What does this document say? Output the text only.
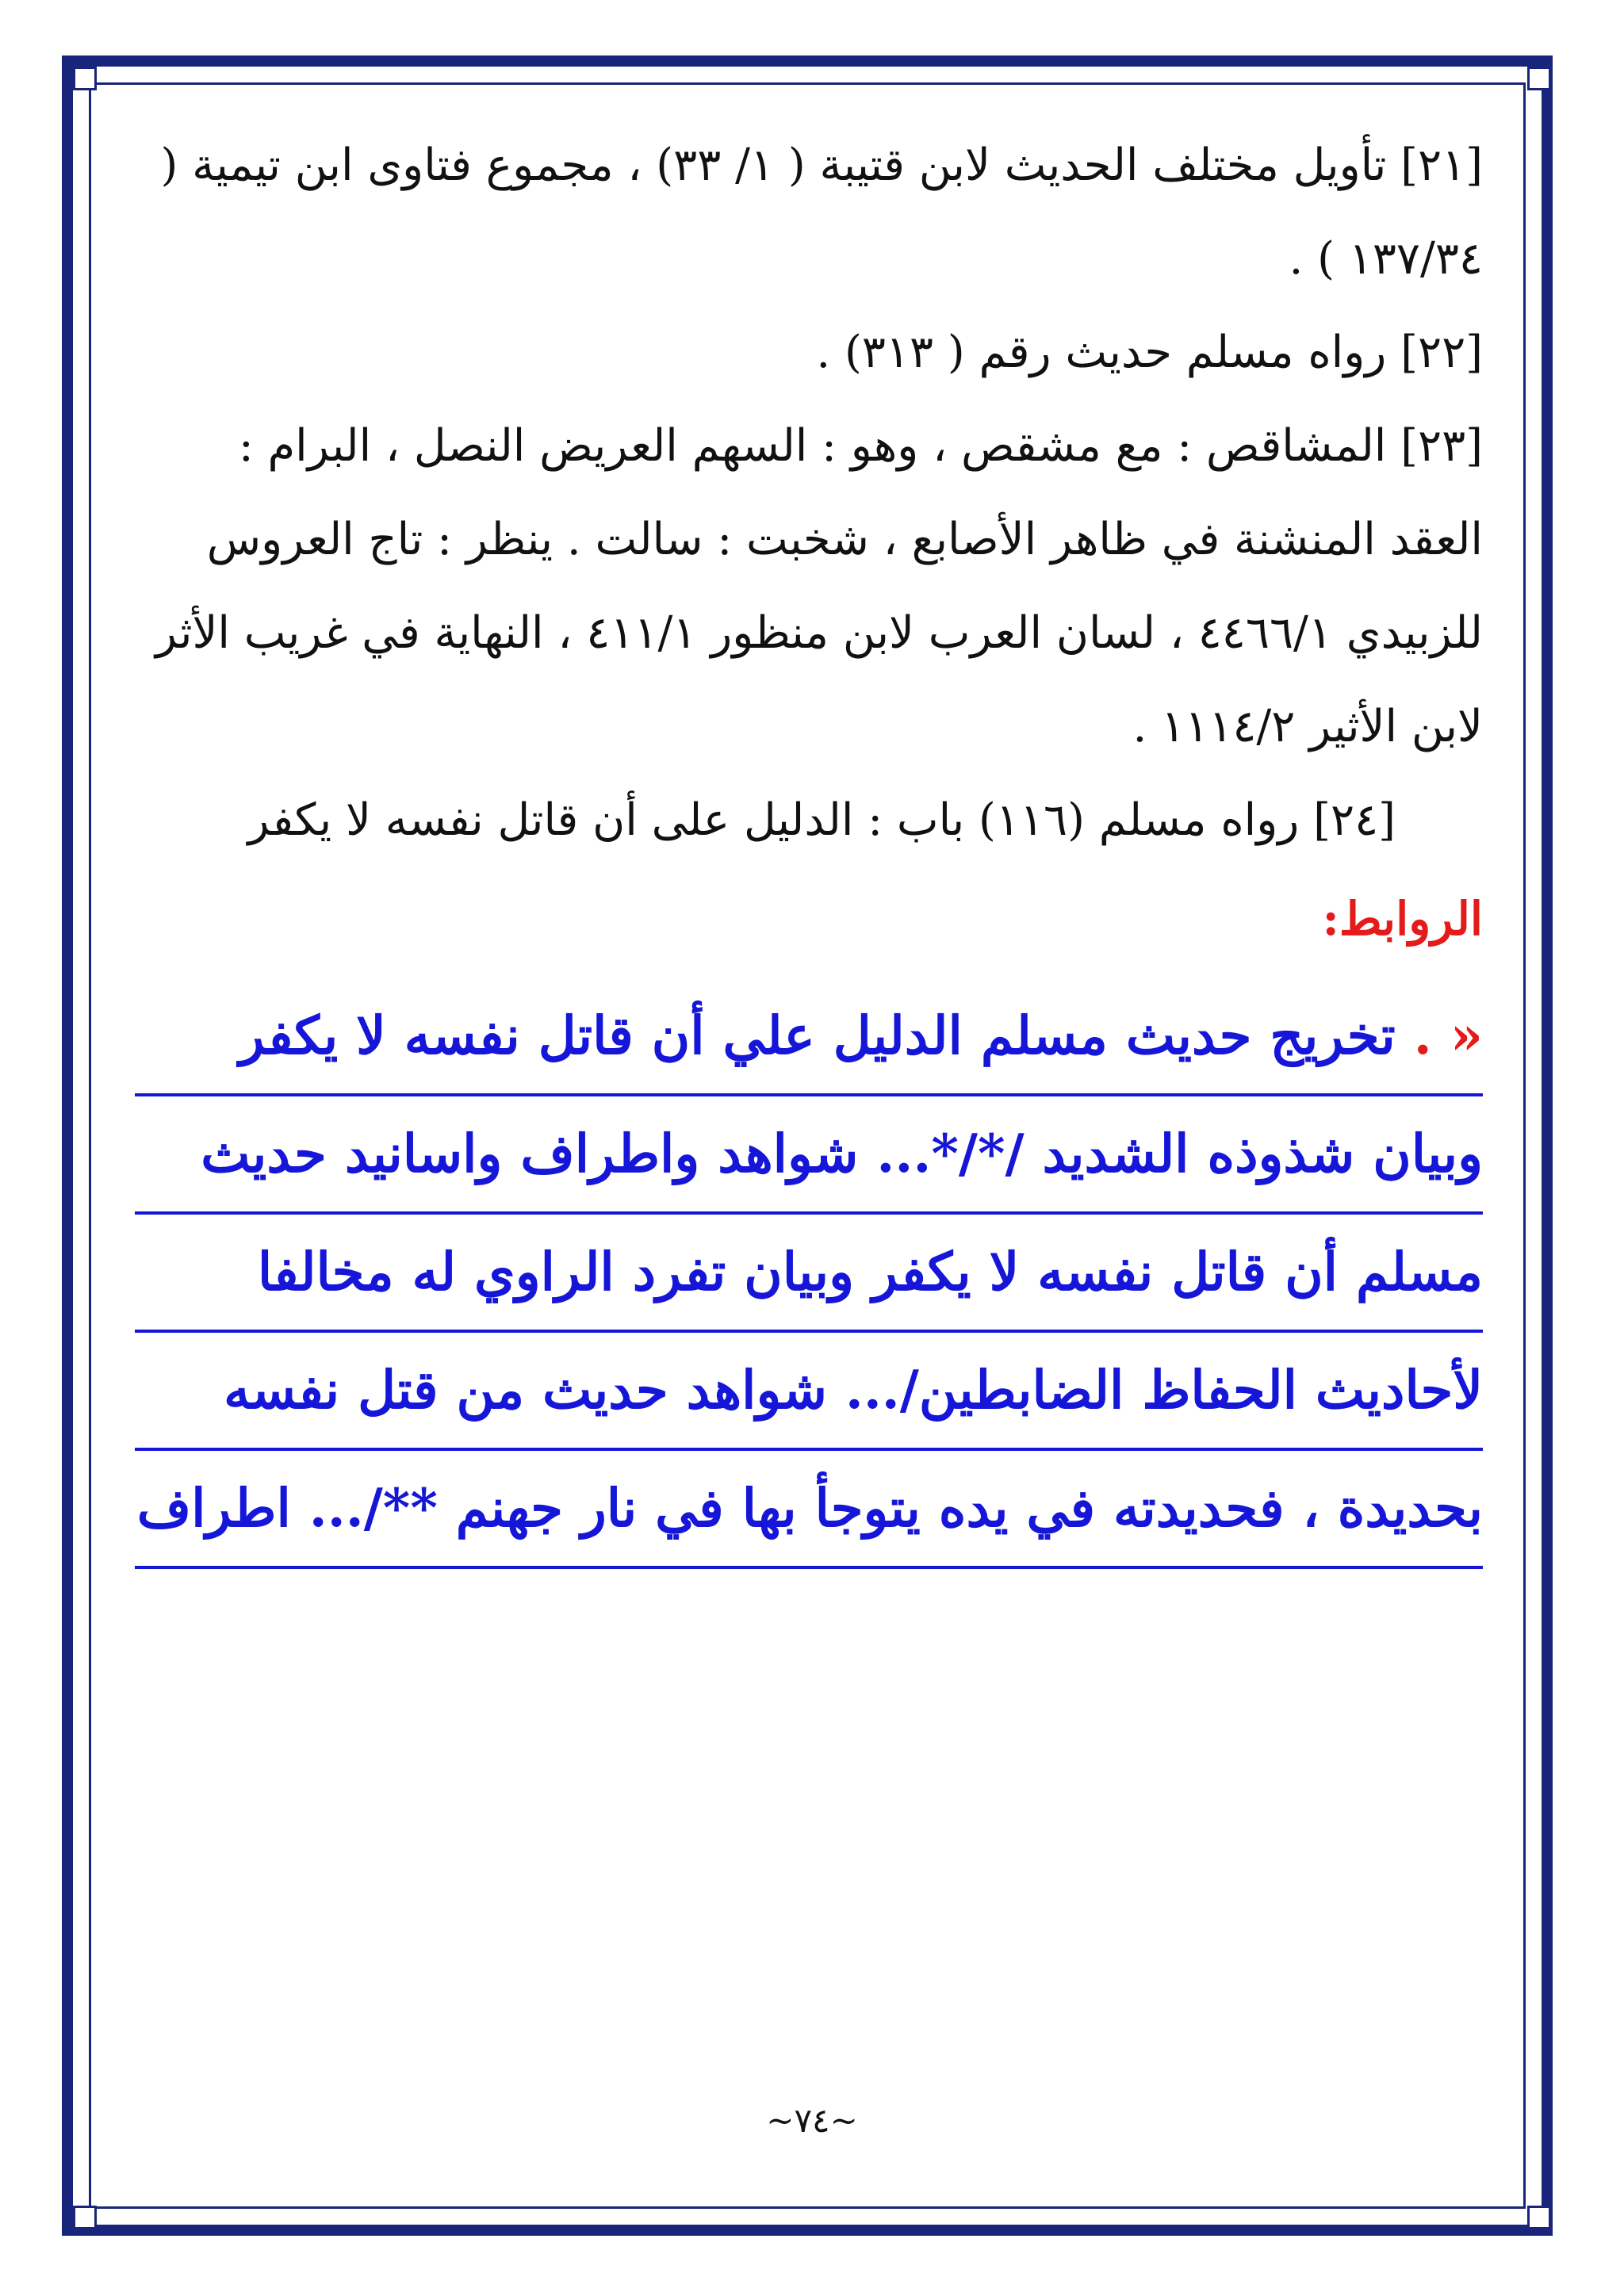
[٢١] تأويل مختلف الحديث لابن قتيبة ( ١/ ٣٣) ، مجموع فتاوى ابن تيمية ( ١٣٧/٣٤ ) .

[٢٢] رواه مسلم حديث رقم ( ٣١٣) .

[٢٣] المشاقص : مع مشقص ، وهو : السهم العريض النصل ، البرام : العقد المنشنة في ظاهر الأصابع ، شخبت : سالت . ينظر : تاج العروس للزبيدي ٤٤٦٦/١ ، لسان العرب لابن منظور ٤١١/١ ، النهاية في غريب الأثر لابن الأثير ١١١٤/٢ .

[٢٤] رواه مسلم (١١٦) باب : الدليل على أن قاتل نفسه لا يكفر

الروابط:

« . تخريج حديث مسلم الدليل علي أن قاتل نفسه لا يكفر
وبيان شذوذه الشديد /*/*... شواهد واطراف واسانيد حديث
مسلم أن قاتل نفسه لا يكفر وبيان تفرد الراوي له مخالفا
لأحاديث الحفاظ الضابطين/... شواهد حديث من قتل نفسه
بحديدة ، فحديدته في يده يتوجأ بها في نار جهنم **/... اطراف
~٧٤~
